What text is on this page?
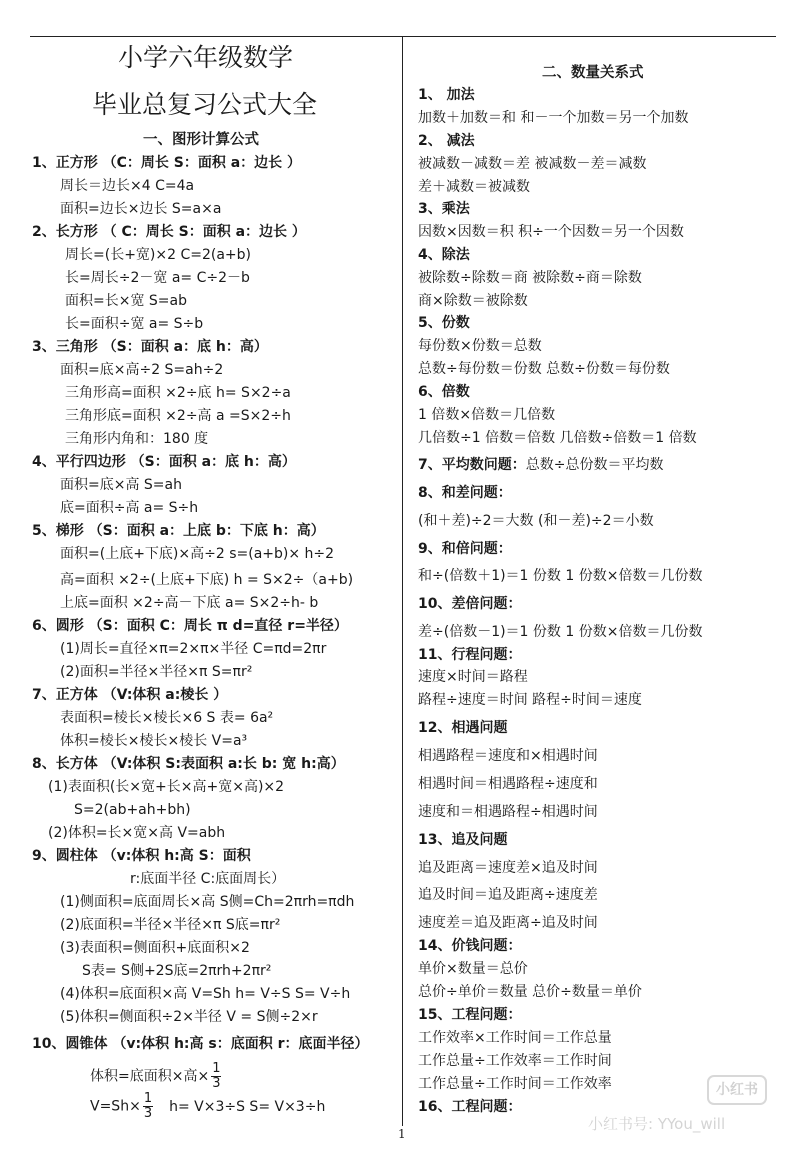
小学六年级数学
毕业总复习公式大全
一、图形计算公式
1、正方形 （C：周长 S：面积 a：边长 ）
周长＝边长×4 C=4a
面积=边长×边长 S=a×a
2、长方形 （ C：周长 S：面积 a：边长 ）
周长=(长+宽)×2 C=2(a+b)
长=周长÷2－宽 a= C÷2－b
面积=长×宽 S=ab
长=面积÷宽 a= S÷b
3、三角形 （S：面积 a：底 h：高）
面积=底×高÷2 S=ah÷2
三角形高=面积 ×2÷底 h= S×2÷a
三角形底=面积 ×2÷高 a =S×2÷h
三角形内角和：180 度
4、平行四边形 （S：面积 a：底 h：高）
面积=底×高 S=ah
底=面积÷高 a= S÷h
5、梯形 （S：面积 a：上底 b：下底 h：高）
面积=(上底+下底)×高÷2 s=(a+b)× h÷2
高=面积 ×2÷(上底+下底) h = S×2÷（a+b)
上底=面积 ×2÷高－下底 a= S×2÷h- b
6、圆形 （S：面积 C：周长 π d=直径 r=半径）
(1)周长=直径×π=2×π×半径 C=πd=2πr
(2)面积=半径×半径×π S=πr²
7、正方体 （V:体积 a:棱长 ）
表面积=棱长×棱长×6 S 表= 6a²
体积=棱长×棱长×棱长 V=a³
8、长方体 （V:体积 S:表面积 a:长 b: 宽 h:高）
(1)表面积(长×宽+长×高+宽×高)×2
S=2(ab+ah+bh)
(2)体积=长×宽×高 V=abh
9、圆柱体 （v:体积 h:高 S：面积
r:底面半径 C:底面周长）
(1)侧面积=底面周长×高 S侧=Ch=2πrh=πdh
(2)底面积=半径×半径×π S底=πr²
(3)表面积=侧面积+底面积×2
S表= S侧+2S底=2πrh+2πr²
(4)体积=底面积×高 V=Sh h= V÷S S= V÷h
(5)体积=侧面积÷2×半径 V = S侧÷2×r
10、圆锥体 （v:体积 h:高 s：底面积 r：底面半径）
体积=底面积×高× $\frac{1}{3}$
$V=Sh\times \frac{1}{3} h= V\times 3\div S$ S= V×3÷h
二、数量关系式
1、 加法
加数＋加数＝和 和－一个加数＝另一个加数
2、 减法
被减数－减数＝差 被减数－差＝减数
差＋减数＝被减数
3、乘法
因数×因数＝积 积÷一个因数＝另一个因数
4、除法
被除数÷除数＝商 被除数÷商＝除数
商×除数＝被除数
5、份数
每份数×份数＝总数
总数÷每份数＝份数 总数÷份数＝每份数
6、倍数
1 倍数×倍数＝几倍数
几倍数÷1 倍数＝倍数 几倍数÷倍数＝1 倍数
7、平均数问题：总数÷总份数＝平均数
8、和差问题：
(和＋差)÷2＝大数 (和－差)÷2＝小数
9、和倍问题：
和÷(倍数＋1)＝1 份数 1 份数×倍数＝几份数
10、差倍问题：
差÷(倍数－1)＝1 份数 1 份数×倍数＝几份数
11、行程问题：
速度×时间＝路程
路程÷速度＝时间 路程÷时间＝速度
12、相遇问题
相遇路程＝速度和×相遇时间
相遇时间＝相遇路程÷速度和
速度和＝相遇路程÷相遇时间
13、追及问题
追及距离＝速度差×追及时间
追及时间＝追及距离÷速度差
速度差＝追及距离÷追及时间
14、价钱问题：
单价×数量＝总价
总价÷单价＝数量 总价÷数量＝单价
15、工程问题：
工作效率×工作时间＝工作总量
工作总量÷工作效率＝工作时间
工作总量÷工作时间＝工作效率
16、工程问题：
1
小红书
小红书号: YYou_will
